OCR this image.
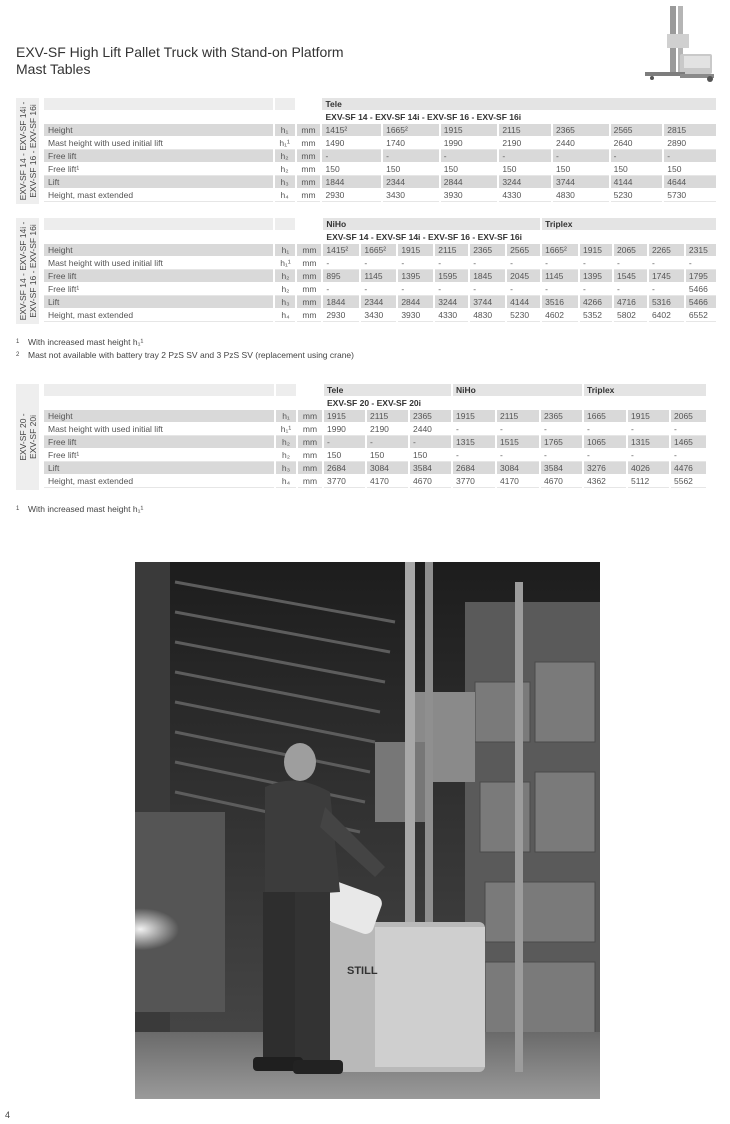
EXV-SF High Lift Pallet Truck with Stand-on Platform
Mast Tables
EXV-SF 14 - EXV-SF 14i - EXV-SF 16 - EXV-SF 16i
			Tele						
			EXV-SF 14 - EXV-SF 14i - EXV-SF 16 - EXV-SF 16i						
Height	h₁	mm	1415²	1665²	1915	2115	2365	2565	2815
Mast height with used initial lift	h₁¹	mm	1490	1740	1990	2190	2440	2640	2890
Free lift	h₂	mm	-	-	-	-	-	-	-
Free lift¹	h₂	mm	150	150	150	150	150	150	150
Lift	h₃	mm	1844	2344	2844	3244	3744	4144	4644
Height, mast extended	h₄	mm	2930	3430	3930	4330	4830	5230	5730
EXV-SF 14 - EXV-SF 14i - EXV-SF 16 - EXV-SF 16i
			NiHo						Triplex				
			EXV-SF 14 - EXV-SF 14i - EXV-SF 16 - EXV-SF 16i										
Height	h₁	mm	1415²	1665²	1915	2115	2365	2565	1665²	1915	2065	2265	2315
Mast height with used initial lift	h₁¹	mm	-	-	-	-	-	-	-	-	-	-	-
Free lift	h₂	mm	895	1145	1395	1595	1845	2045	1145	1395	1545	1745	1795
Free lift¹	h₂	mm	-	-	-	-	-	-	-	-	-	-	5466
Lift	h₃	mm	1844	2344	2844	3244	3744	4144	3516	4266	4716	5316	5466
Height, mast extended	h₄	mm	2930	3430	3930	4330	4830	5230	4602	5352	5802	6402	6552
1 With increased mast height h₁¹
2 Mast not available with battery tray 2 PzS SV and 3 PzS SV (replacement using crane)
EXV-SF 20 - EXV-SF 20i
			Tele			NiHo			Triplex		
			EXV-SF 20 - EXV-SF 20i								
Height	h₁	mm	1915	2115	2365	1915	2115	2365	1665	1915	2065
Mast height with used initial lift	h₁¹	mm	1990	2190	2440	-	-	-	-	-	-
Free lift	h₂	mm	-	-	-	1315	1515	1765	1065	1315	1465
Free lift¹	h₂	mm	150	150	150	-	-	-	-	-	-
Lift	h₃	mm	2684	3084	3584	2684	3084	3584	3276	4026	4476
Height, mast extended	h₄	mm	3770	4170	4670	3770	4170	4670	4362	5112	5562
1 With increased mast height h₁¹
STILL
4
